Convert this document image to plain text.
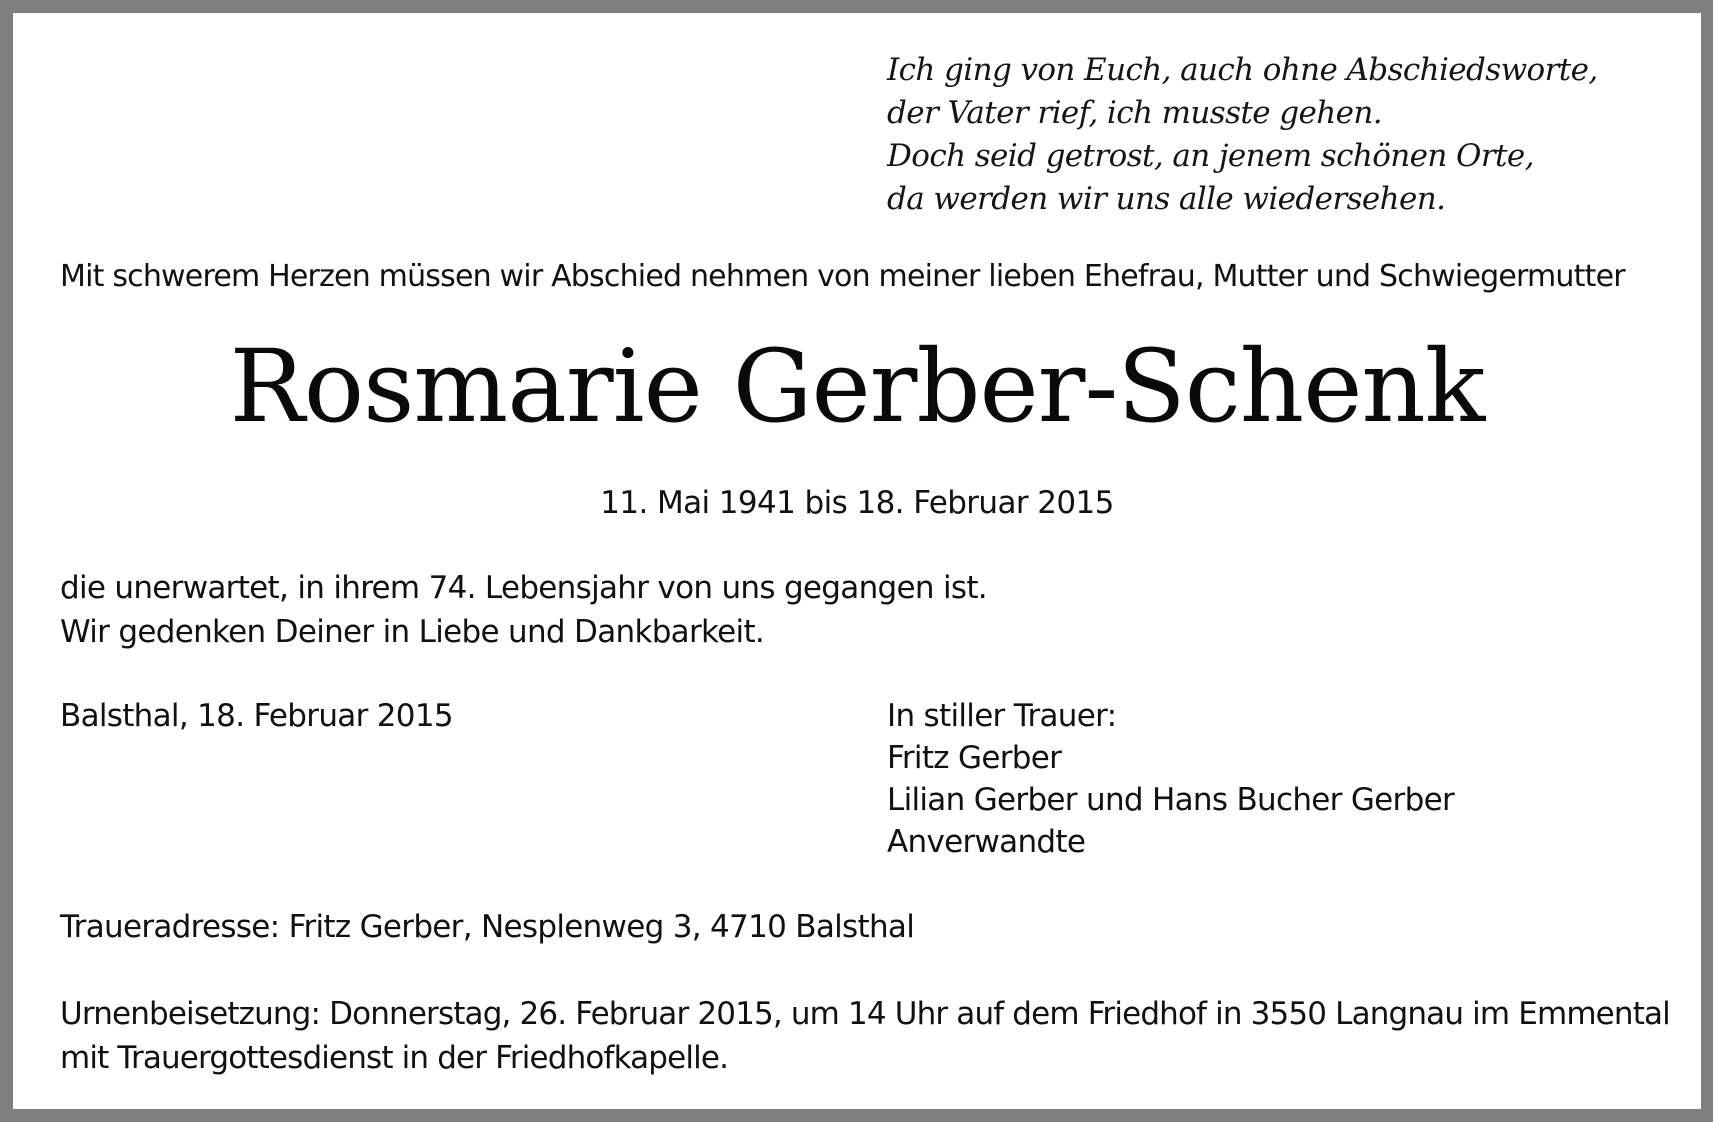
Ich ging von Euch, auch ohne Abschiedsworte,
der Vater rief, ich musste gehen.
Doch seid getrost, an jenem schönen Orte,
da werden wir uns alle wiedersehen.
Mit schwerem Herzen müssen wir Abschied nehmen von meiner lieben Ehefrau, Mutter und Schwiegermutter
Rosmarie Gerber-Schenk
11. Mai 1941 bis 18. Februar 2015
die unerwartet, in ihrem 74. Lebensjahr von uns gegangen ist.
Wir gedenken Deiner in Liebe und Dankbarkeit.
Balsthal, 18. Februar 2015	In stiller Trauer:
Fritz Gerber
Lilian Gerber und Hans Bucher Gerber
Anverwandte
Traueradresse: Fritz Gerber, Nesplenweg 3, 4710 Balsthal
Urnenbeisetzung: Donnerstag, 26. Februar 2015, um 14 Uhr auf dem Friedhof in 3550 Langnau im Emmental
mit Trauergottesdienst in der Friedhofkapelle.
